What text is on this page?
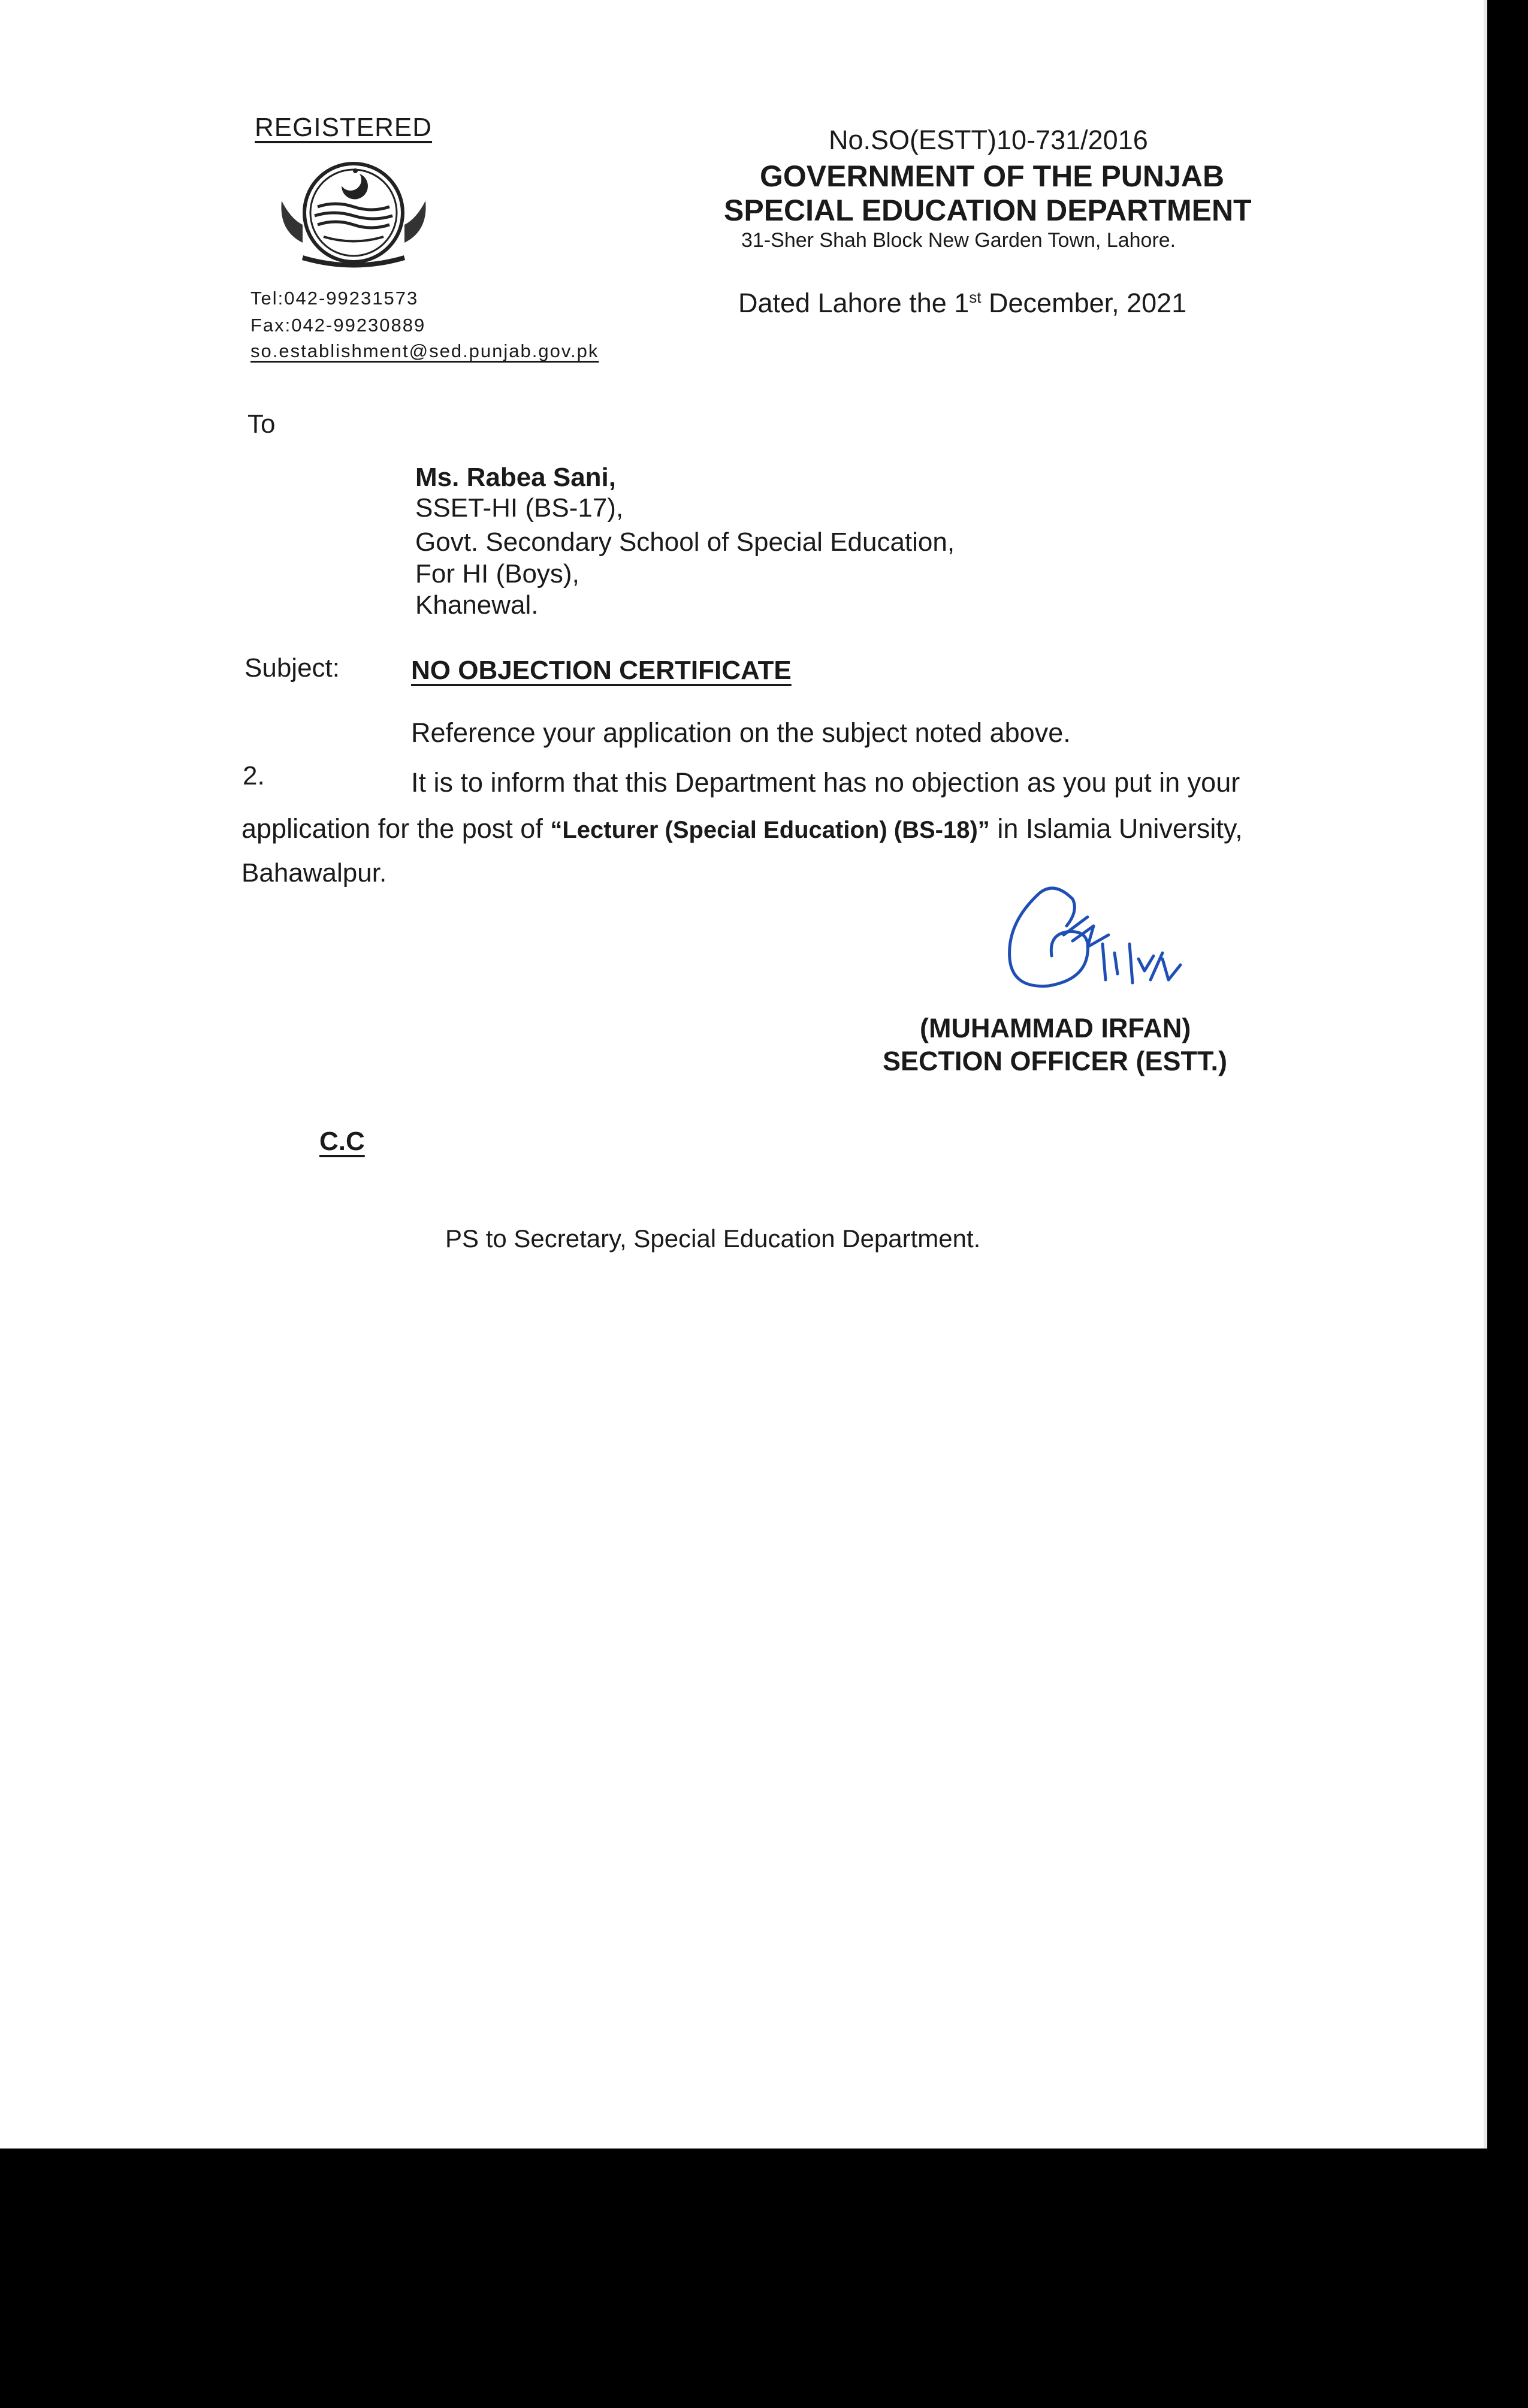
REGISTERED
Tel:042-99231573
Fax:042-99230889
so.establishment@sed.punjab.gov.pk
No.SO(ESTT)10-731/2016
GOVERNMENT OF THE PUNJAB
SPECIAL EDUCATION DEPARTMENT
31-Sher Shah Block New Garden Town, Lahore.
Dated Lahore the 1st December, 2021
To
Ms. Rabea Sani,
SSET-HI (BS-17),
Govt. Secondary School of Special Education,
For HI (Boys),
Khanewal.
Subject:	NO OBJECTION CERTIFICATE
Reference your application on the subject noted above.
2.	It is to inform that this Department has no objection as you put in your
application for the post of “Lecturer (Special Education) (BS-18)” in Islamia University,
Bahawalpur.
(MUHAMMAD IRFAN)
SECTION OFFICER (ESTT.)
C.C
PS to Secretary, Special Education Department.
